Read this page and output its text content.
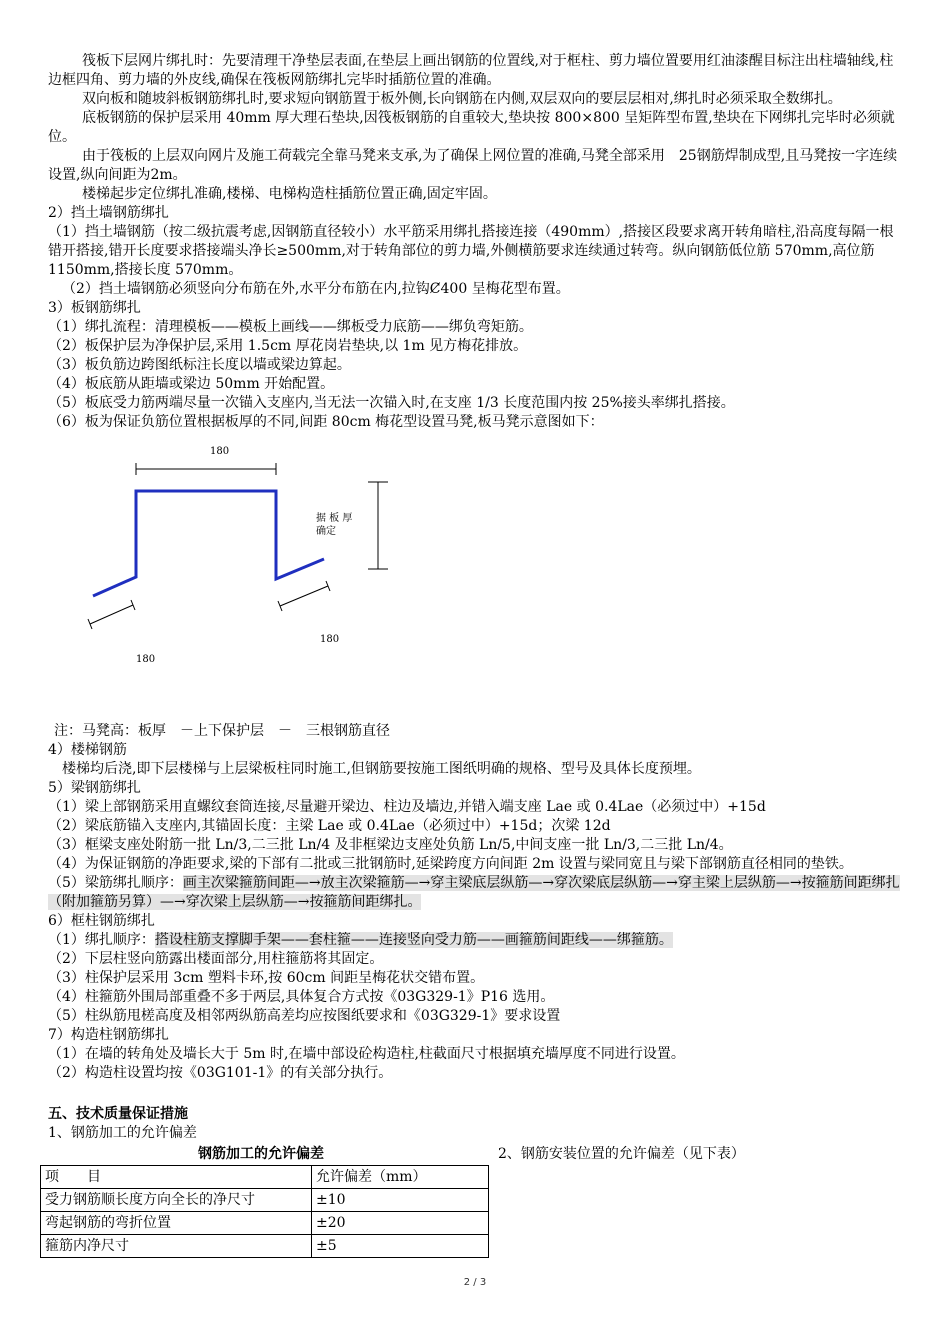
筏板下层网片绑扎时：先要清理干净垫层表面,在垫层上画出钢筋的位置线,对于框柱、剪力墙位置要用红油漆醒目标注出柱墙轴线,柱边框四角、剪力墙的外皮线,确保在筏板网筋绑扎完毕时插筋位置的准确。

双向板和随坡斜板钢筋绑扎时,要求短向钢筋置于板外侧,长向钢筋在内侧,双层双向的要层层相对,绑扎时必须采取全数绑扎。

底板钢筋的保护层采用 40mm 厚大理石垫块,因筏板钢筋的自重较大,垫块按 800×800 呈矩阵型布置,垫块在下网绑扎完毕时必须就位。

由于筏板的上层双向网片及施工荷载完全靠马凳来支承,为了确保上网位置的准确,马凳全部采用　25钢筋焊制成型,且马凳按一字连续设置,纵向间距为2m。

楼梯起步定位绑扎准确,楼梯、电梯构造柱插筋位置正确,固定牢固。

2）挡土墙钢筋绑扎

（1）挡土墙钢筋（按二级抗震考虑,因钢筋直径较小）水平筋采用绑扎搭接连接（490mm）,搭接区段要求离开转角暗柱,沿高度每隔一根错开搭接,错开长度要求搭接端头净长≥500mm,对于转角部位的剪力墙,外侧横筋要求连续通过转弯。纵向钢筋低位筋 570mm,高位筋 1150mm,搭接长度 570mm。

（2）挡土墙钢筋必须竖向分布筋在外,水平分布筋在内,拉钩Ȼ400 呈梅花型布置。

3）板钢筋绑扎

（1）绑扎流程：清理模板——模板上画线——绑板受力底筋——绑负弯矩筋。

（2）板保护层为净保护层,采用 1.5cm 厚花岗岩垫块,以 1m 见方梅花排放。

（3）板负筋边跨图纸标注长度以墙或梁边算起。

（4）板底筋从距墙或梁边 50mm 开始配置。

（5）板底受力筋两端尽量一次锚入支座内,当无法一次锚入时,在支座 1/3 长度范围内按 25%接头率绑扎搭接。

（6）板为保证负筋位置根据板厚的不同,间距 80cm 梅花型设置马凳,板马凳示意图如下：

180
180
180
据 板 厚
确定

注：马凳高：板厚　－上下保护层　－　三根钢筋直径

4）楼梯钢筋

楼梯均后浇,即下层楼梯与上层梁板柱同时施工,但钢筋要按施工图纸明确的规格、型号及具体长度预埋。

5）梁钢筋绑扎

（1）梁上部钢筋采用直螺纹套筒连接,尽量避开梁边、柱边及墙边,并错入端支座 Lae 或 0.4Lae（必须过中）+15d

（2）梁底筋锚入支座内,其锚固长度：主梁 Lae 或 0.4Lae（必须过中）+15d；次梁 12d

（3）框梁支座处附筋一批 Ln/3,二三批 Ln/4 及非框梁边支座处负筋 Ln/5,中间支座一批 Ln/3,二三批 Ln/4。

（4）为保证钢筋的净距要求,梁的下部有二批或三批钢筋时,延梁跨度方向间距 2m 设置与梁同宽且与梁下部钢筋直径相同的垫铁。

（5）梁筋绑扎顺序：画主次梁箍筋间距—→放主次梁箍筋—→穿主梁底层纵筋—→穿次梁底层纵筋—→穿主梁上层纵筋—→按箍筋间距绑扎（附加箍筋另算）—→穿次梁上层纵筋—→按箍筋间距绑扎。

6）框柱钢筋绑扎

（1）绑扎顺序：搭设柱筋支撑脚手架——套柱箍——连接竖向受力筋——画箍筋间距线——绑箍筋。

（2）下层柱竖向筋露出楼面部分,用柱箍筋将其固定。

（3）柱保护层采用 3cm 塑料卡环,按 60cm 间距呈梅花状交错布置。

（4）柱箍筋外围局部重叠不多于两层,具体复合方式按《03G329-1》P16 选用。

（5）柱纵筋甩槎高度及相邻两纵筋高差均应按图纸要求和《03G329-1》要求设置

7）构造柱钢筋绑扎

（1）在墙的转角处及墙长大于 5m 时,在墙中部设砼构造柱,柱截面尺寸根据填充墙厚度不同进行设置。

（2）构造柱设置均按《03G101-1》的有关部分执行。

五、技术质量保证措施

1、钢筋加工的允许偏差

钢筋加工的允许偏差	2、钢筋安装位置的允许偏差（见下表）
项　　目	允许偏差（mm）
受力钢筋顺长度方向全长的净尺寸	±10
弯起钢筋的弯折位置	±20
箍筋内净尺寸	±5
2 / 3
